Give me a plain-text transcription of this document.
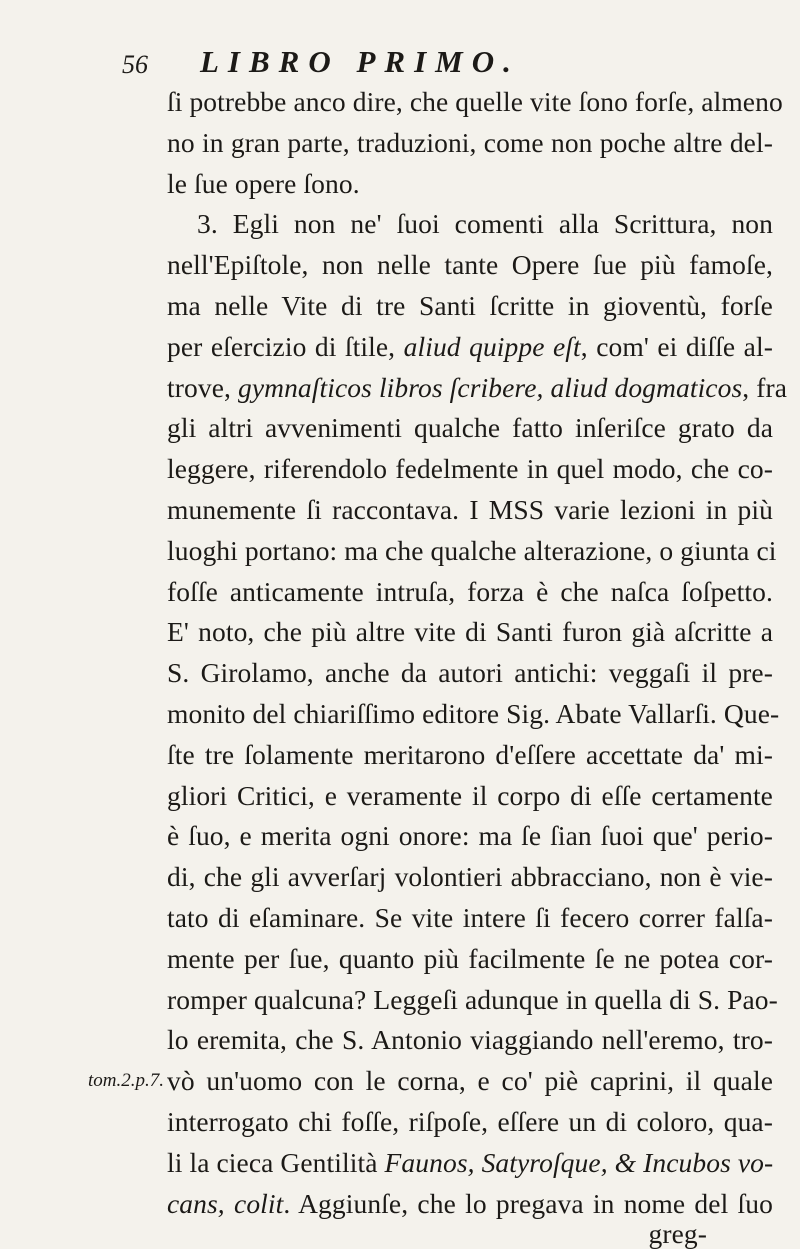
56 LIBRO PRIMO.
ſi potrebbe anco dire, che quelle vite ſono forſe, almeno
no in gran parte, traduzioni, come non poche altre del-
le ſue opere ſono.
3. Egli non ne' ſuoi comenti alla Scrittura, non
nell'Epiſtole, non nelle tante Opere ſue più famoſe,
ma nelle Vite di tre Santi ſcritte in gioventù, forſe
per eſercizio di ſtile, aliud quippe eſt, com' ei diſſe al-
trove, gymnaſticos libros ſcribere, aliud dogmaticos, fra
gli altri avvenimenti qualche fatto inſeriſce grato da
leggere, riferendolo fedelmente in quel modo, che co-
munemente ſi raccontava. I MSS varie lezioni in più
luoghi portano: ma che qualche alterazione, o giunta ci
foſſe anticamente intruſa, forza è che naſca ſoſpetto.
E' noto, che più altre vite di Santi furon già aſcritte a
S. Girolamo, anche da autori antichi: veggaſi il pre-
monito del chiariſſimo editore Sig. Abate Vallarſi. Que-
ſte tre ſolamente meritarono d'eſſere accettate da' mi-
gliori Critici, e veramente il corpo di eſſe certamente
è ſuo, e merita ogni onore: ma ſe ſian ſuoi que' perio-
di, che gli avverſarj volontieri abbracciano, non è vie-
tato di eſaminare. Se vite intere ſi fecero correr falſa-
mente per ſue, quanto più facilmente ſe ne potea cor-
romper qualcuna? Leggeſi adunque in quella di S. Pao-
lo eremita, che S. Antonio viaggiando nell'eremo, tro-
vò un'uomo con le corna, e co' piè caprini, il quale
interrogato chi foſſe, riſpoſe, eſſere un di coloro, qua-
li la cieca Gentilità Faunos, Satyroſque, & Incubos vo-
cans, colit. Aggiunſe, che lo pregava in nome del ſuo
greg-
tom.2.p.7.
